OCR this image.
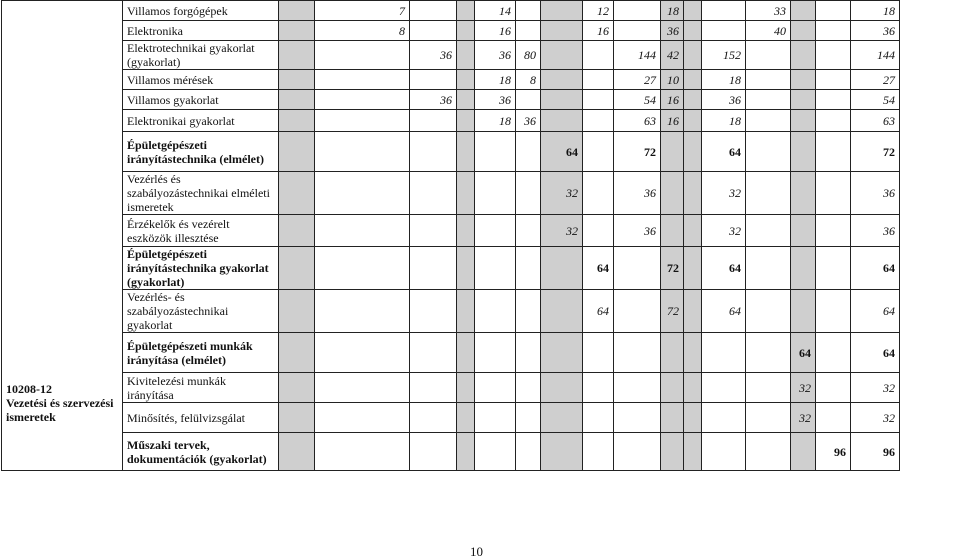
10208-12
Vezetési és szervezési ismeretek	Villamos forgógépek		7			14			12		18			33			18
	Elektronika		8			16			16		36			40			36
	Elektrotechnikai gyakorlat (gyakorlat)			36		36	80			144	42		152				144
	Villamos mérések					18	8			27	10		18				27
	Villamos gyakorlat			36		36				54	16		36				54
	Elektronikai gyakorlat					18	36			63	16		18				63
	Épületgépészeti irányítástechnika (elmélet)							64		72			64				72
	Vezérlés és szabályozástechnikai elméleti ismeretek							32		36			32				36
	Érzékelők és vezérelt eszközök illesztése							32		36			32				36
	Épületgépészeti irányítástechnika gyakorlat (gyakorlat)								64		72		64				64
	Vezérlés- és szabályozástechnikai gyakorlat								64		72		64				64
	Épületgépészeti munkák irányítása (elmélet)														64		64
	Kivitelezési munkák irányítása														32		32
	Minősítés, felülvizsgálat														32		32
	Műszaki tervek, dokumentációk (gyakorlat)															96	96
10
